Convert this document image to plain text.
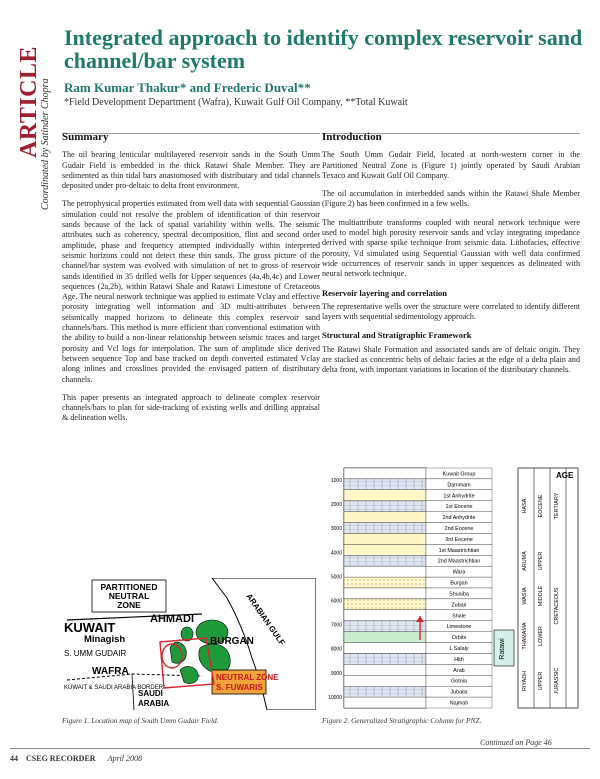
ARTICLE
Coordinated by Satinder Chopra
Integrated approach to identify complex reservoir sand channel/bar system
Ram Kumar Thakur* and Frederic Duval**
*Field Development Department (Wafra), Kuwait Gulf Oil Company, **Total Kuwait
Summary

The oil bearing lenticular multilayered reservoir sands in the South Umm Gudair Field is embedded in the thick Ratawi Shale Member. They are sedimented as thin tidal bars anastomosed with distributary and tidal channels deposited under pro-deltaic to delta front environment.

The petrophysical properties estimated from well data with sequential Gaussian simulation could not resolve the problem of identification of thin reservoir sands because of the lack of spatial variability within wells. The seismic attributes such as coherency, spectral decomposition, flint and second order amplitude, phase and frequency attempted individually within interpreted seismic horizons could not detect these thin sands. The gross picture of the channel/bar system was evolved with simulation of net to gross of reservoir sands identified in 35 drilled wells for Upper sequences (4a,4b,4c) and Lower sequences (2a,2b), within Ratawi Shale and Ratawi Limestone of Cretaceous Age. The neural network technique was applied to estimate Vclay and effective porosity integrating well information and 3D multi-attributes between seismically mapped horizons to delineate this complex reservoir sand channels/bars. This method is more efficient than conventional estimation with the ability to build a non-linear relationship between seismic traces and target porosity and Vcl logs for interpolation. The sum of amplitude slice derived between sequence Top and base tracked on depth converted estimated Vclay along inlines and crosslines provided the envisaged pattern of distributary channels.

This paper presents an integrated approach to delineate complex reservoir channels/bars to plan for side-tracking of existing wells and drilling appraisal & delineation wells.

PARTITIONED
NEUTRAL
ZONE
KUWAIT
AHMADI
Minagish
S. UMM GUDAIR
BURGAN
WAFRA
KUWAIT & SAUDI ARABIA BORDER
NEUTRAL ZONE
S. FUWARIS
SAUDI
ARABIA
ARABIAN GULF
Figure 1. Location map of South Umm Gudair Field.
Introduction

The South Umm Gudair Field, located at north-western corner in the Partitioned Neutral Zone is (Figure 1) jointly operated by Saudi Arabian Texaco and Kuwait Gulf Oil Company.

The oil accumulation in interbedded sands within the Ratawi Shale Member (Figure 2) has been confirmed in a few wells.

The multiattribute transforms coupled with neural network technique were used to model high porosity reservoir sands and vclay integrating impedance derived with sparse spike technique from seismic data. Lithofacies, effective porosity, Vd simulated using Sequential Gaussian with well data confirmed wide occurrences of reservoir sands in upper sequences as delineated with neural network technique.

Reservoir layering and correlation

The representative wells over the structure were correlated to identify different layers with sequential sedimentology approach.

Structural and Stratigraphic Framework

The Ratawi Shale Formation and associated sands are of deltaic origin. They are stacked as concentric belts of deltaic facies at the edge of a delta plain and delta front, with important variations in location of the distributary channels.

1000
2000
3000
4000
5000
6000
7000
8000
9000
10000
Kuwait Group
Dammam
1st Anhydrite
1st Eocene
2nd Anhydrite
2nd Eocene
3rd Eocene
1st Maastrichtian
2nd Maastrichtian
Wara
Burgan
Shuaiba
Zubair
Shale
Limestone
Orbits
L Salaly
Hith
Arab
Gotnia
Jubaila
Najmah
Ratawi
AGE
HASA
ARUMA
WASIA
THAMAMA
RIYADH
EOCENE
UPPER
MIDDLE
LOWER
UPPER
TERTIARY
CRETACEOUS
JURASSIC
Figure 2. Generalized Stratigraphic Column for PNZ.
Continued on Page 46
44 CSEG RECORDER April 2008
